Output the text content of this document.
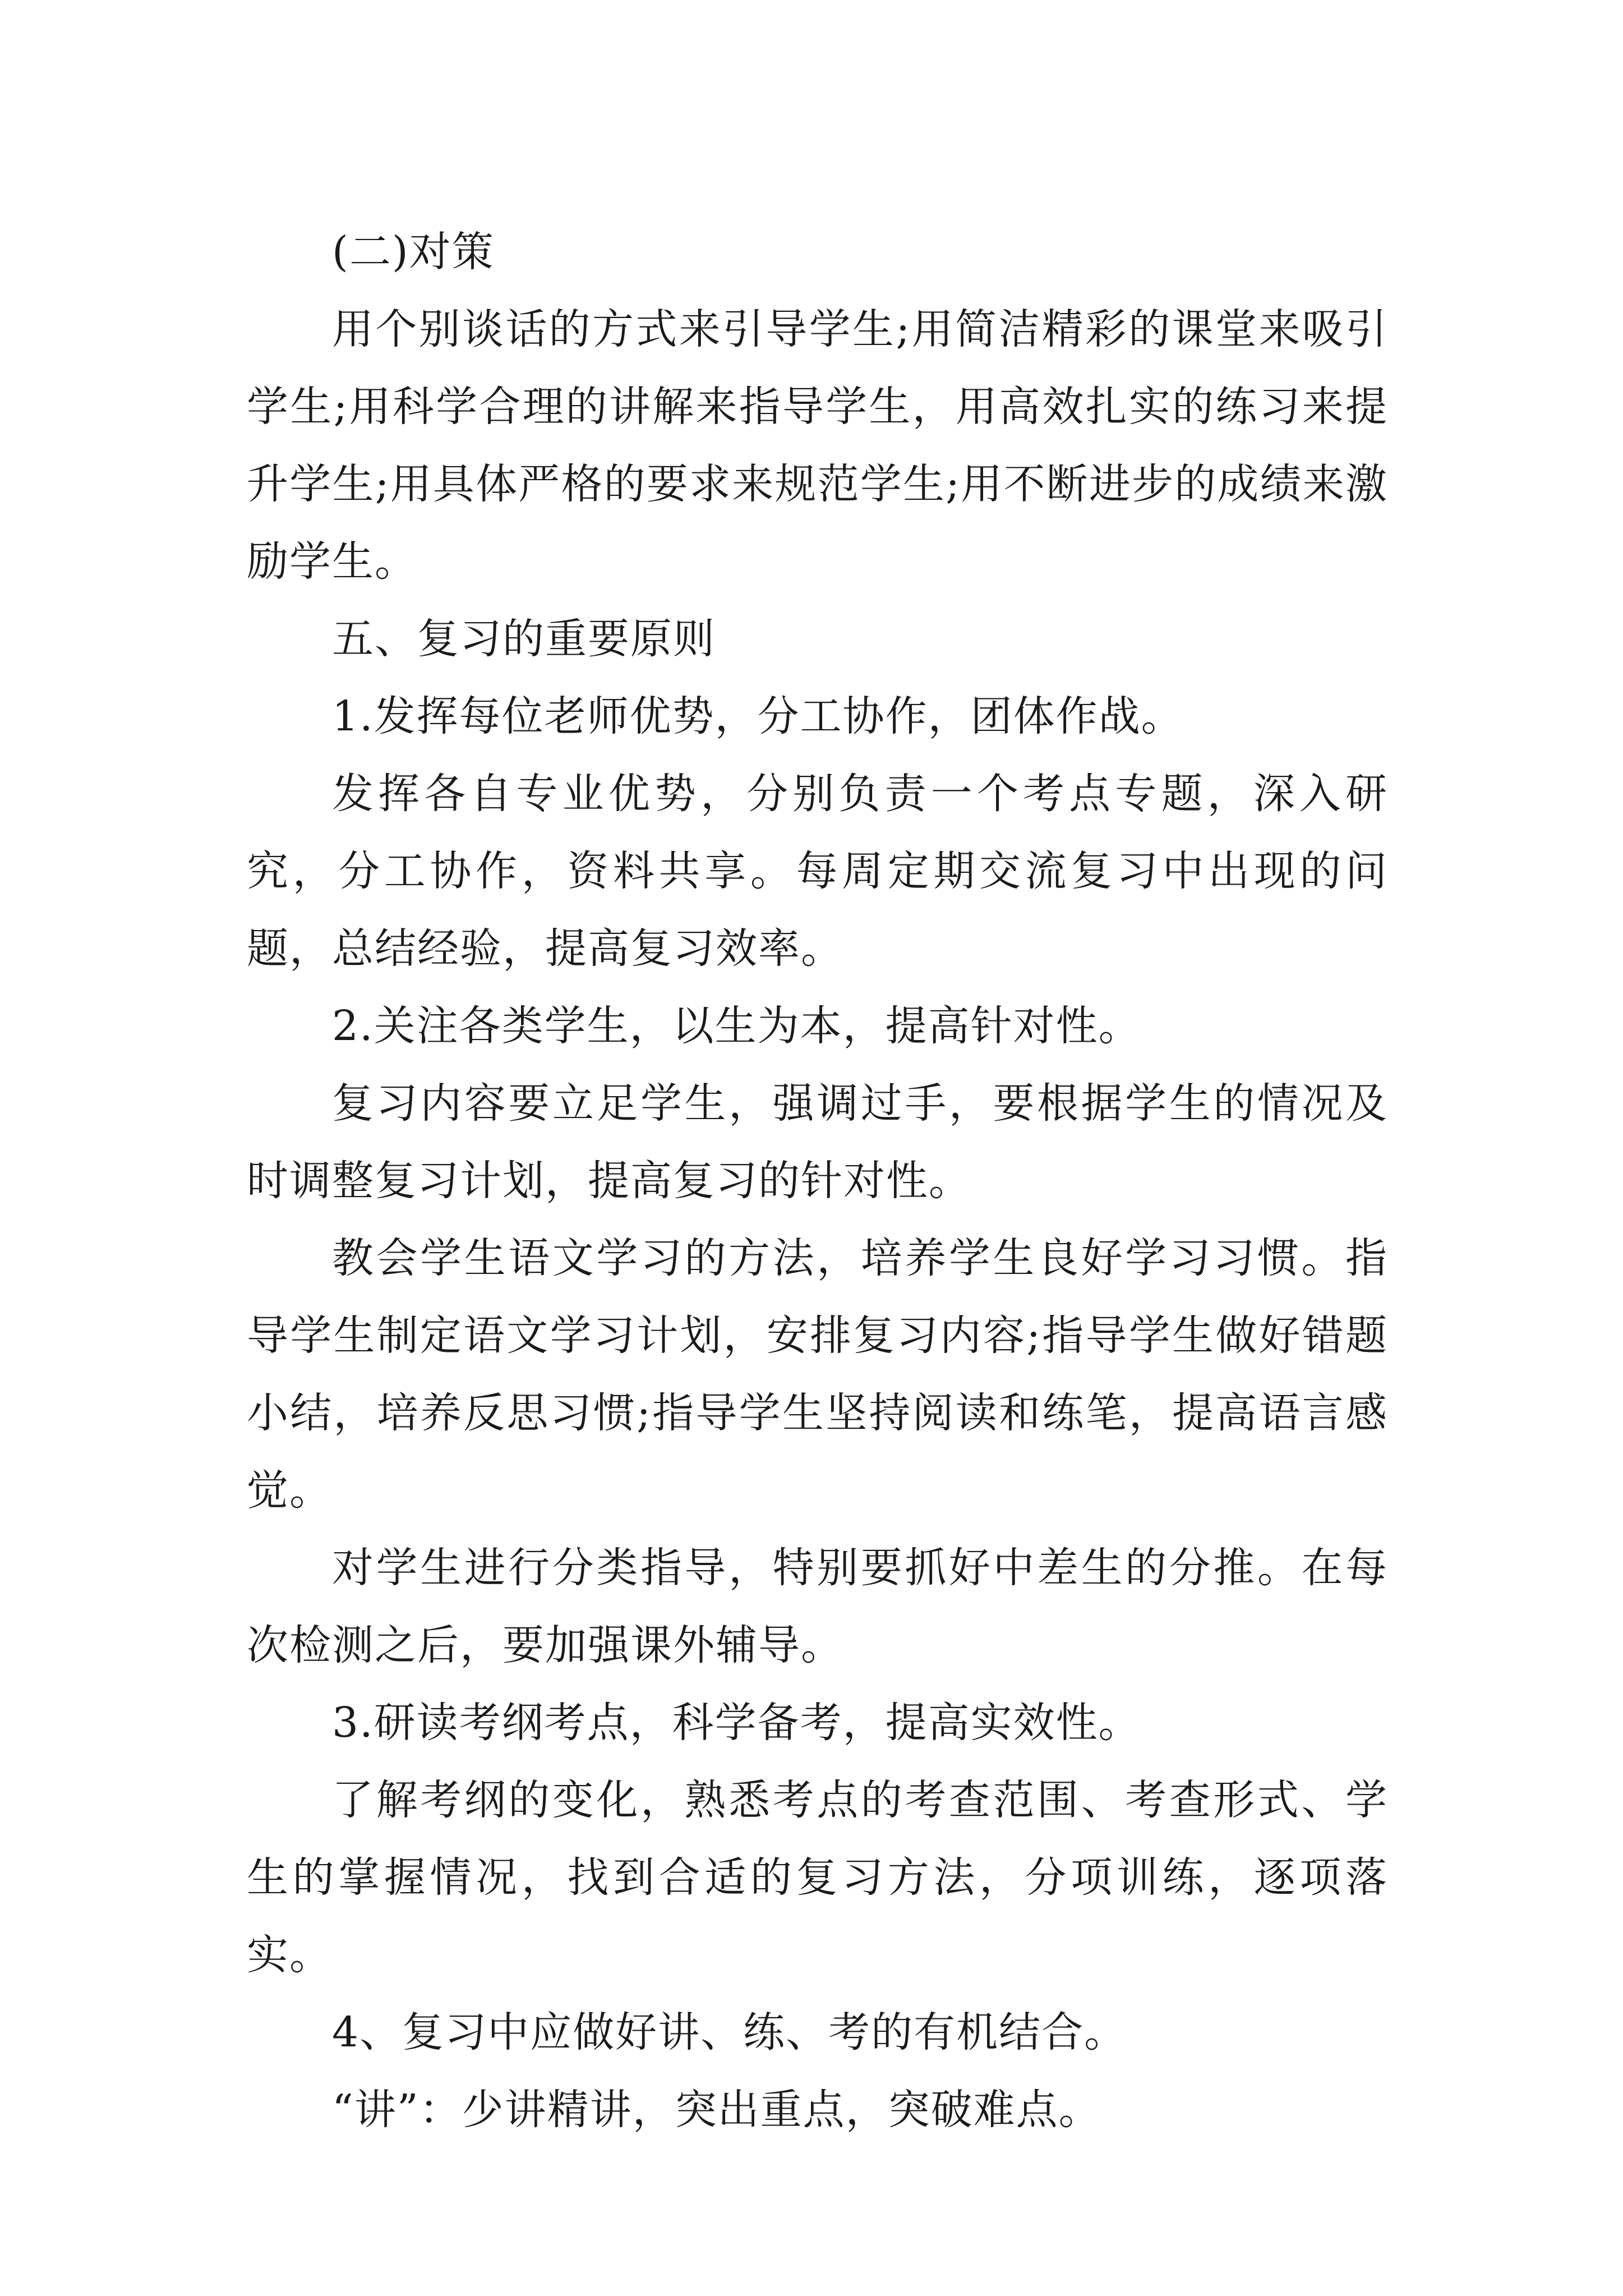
(二)对策

用个别谈话的方式来引导学生;用简洁精彩的课堂来吸引学生;用科学合理的讲解来指导学生，用高效扎实的练习来提升学生;用具体严格的要求来规范学生;用不断进步的成绩来激励学生。

五、复习的重要原则

1.发挥每位老师优势，分工协作，团体作战。

发挥各自专业优势，分别负责一个考点专题，深入研究，分工协作，资料共享。每周定期交流复习中出现的问题，总结经验，提高复习效率。

2.关注各类学生，以生为本，提高针对性。

复习内容要立足学生，强调过手，要根据学生的情况及时调整复习计划，提高复习的针对性。

教会学生语文学习的方法，培养学生良好学习习惯。指导学生制定语文学习计划，安排复习内容;指导学生做好错题小结，培养反思习惯;指导学生坚持阅读和练笔，提高语言感觉。

对学生进行分类指导，特别要抓好中差生的分推。在每次检测之后，要加强课外辅导。

3.研读考纲考点，科学备考，提高实效性。

了解考纲的变化，熟悉考点的考查范围、考查形式、学生的掌握情况，找到合适的复习方法，分项训练，逐项落实。

4、复习中应做好讲、练、考的有机结合。

“讲”：少讲精讲，突出重点，突破难点。
